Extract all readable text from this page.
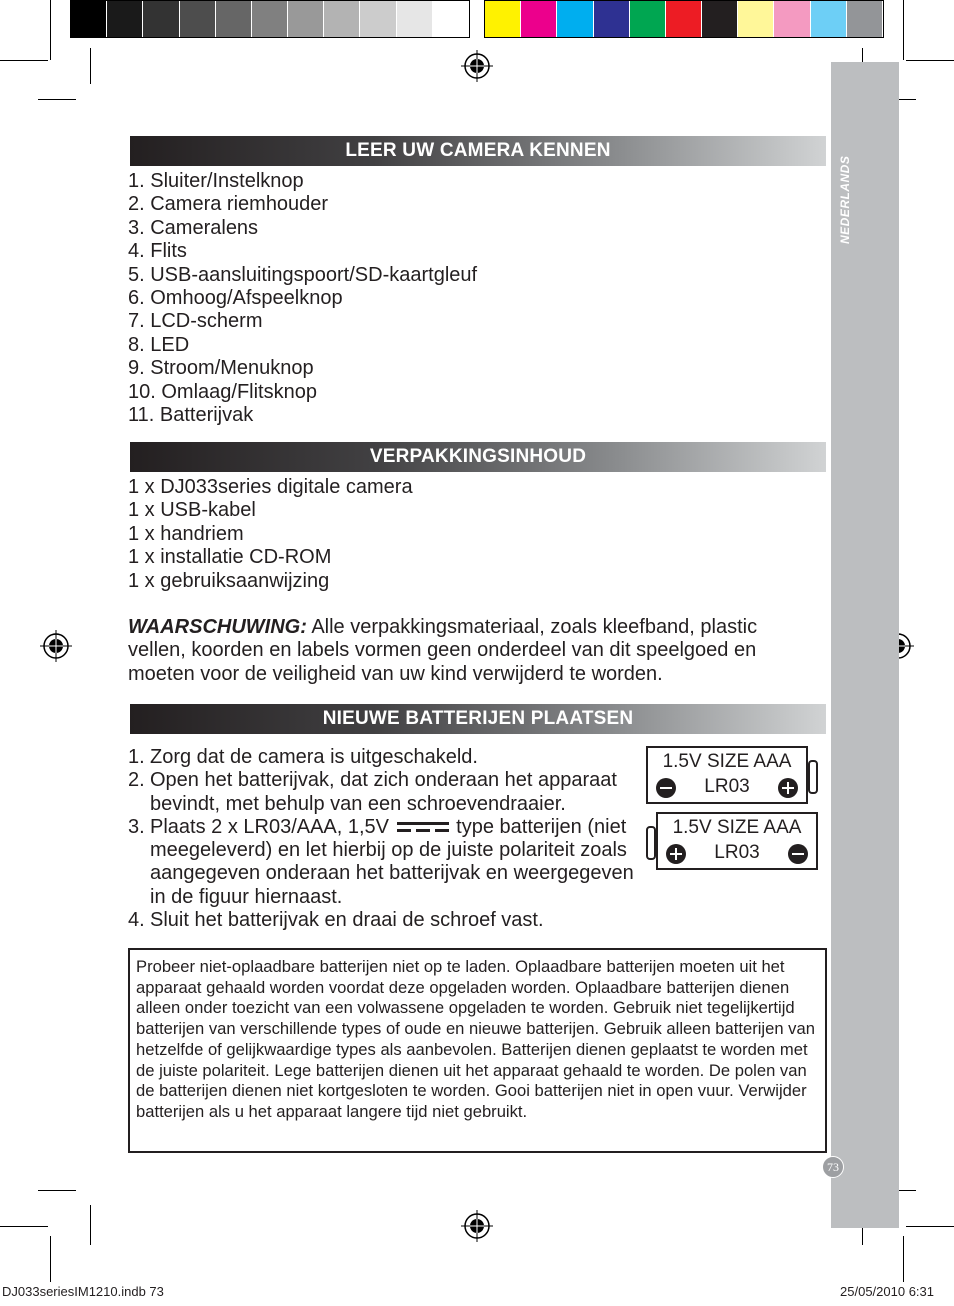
73
LEER UW CAMERA KENNEN
1. Sluiter/Instelknop
2. Camera riemhouder
3. Cameralens
4. Flits
5. USB-aansluitingspoort/SD-kaartgleuf
6. Omhoog/Afspeelknop
7. LCD-scherm
8. LED
9. Stroom/Menuknop
10. Omlaag/Flitsknop
11. Batterijvak
VERPAKKINGSINHOUD
1 x DJ033series digitale camera
1 x USB-kabel
1 x handriem
1 x installatie CD-ROM
1 x gebruiksaanwijzing
WAARSCHUWING: Alle verpakkingsmateriaal, zoals kleefband, plastic vellen, koorden en labels vormen geen onderdeel van dit speelgoed en moeten voor de veiligheid van uw kind verwijderd te worden.
NIEUWE BATTERIJEN PLAATSEN
1. Zorg dat de camera is uitgeschakeld.
2. Open het batterijvak, dat zich onderaan het apparaat bevindt, met behulp van een schroevendraaier.
3. Plaats 2 x LR03/AAA, 1,5V	type batterijen (niet meegeleverd) en let hierbij op de juiste polariteit zoals aangegeven onderaan het batterijvak en weergegeven in de figuur hiernaast.
4. Sluit het batterijvak en draai de schroef vast.
1.5V SIZE AAA
LR03
1.5V SIZE AAA
LR03
Probeer niet-oplaadbare batterijen niet op te laden. Oplaadbare batterijen moeten uit het apparaat gehaald worden voordat deze opgeladen worden. Oplaadbare batterijen dienen alleen onder toezicht van een volwassene opgeladen te worden. Gebruik niet tegelijkertijd batterijen van verschillende types of oude en nieuwe batterijen. Gebruik alleen batterijen van hetzelfde of gelijkwaardige types als aanbevolen. Batterijen dienen geplaatst te worden met de juiste polariteit. Lege batterijen dienen uit het apparaat gehaald te worden. De polen van de batterijen dienen niet kortgesloten te worden. Gooi batterijen niet in open vuur. Verwijder batterijen als u het apparaat langere tijd niet gebruikt.
DJ033seriesIM1210.indb 73	25/05/2010 6:31
